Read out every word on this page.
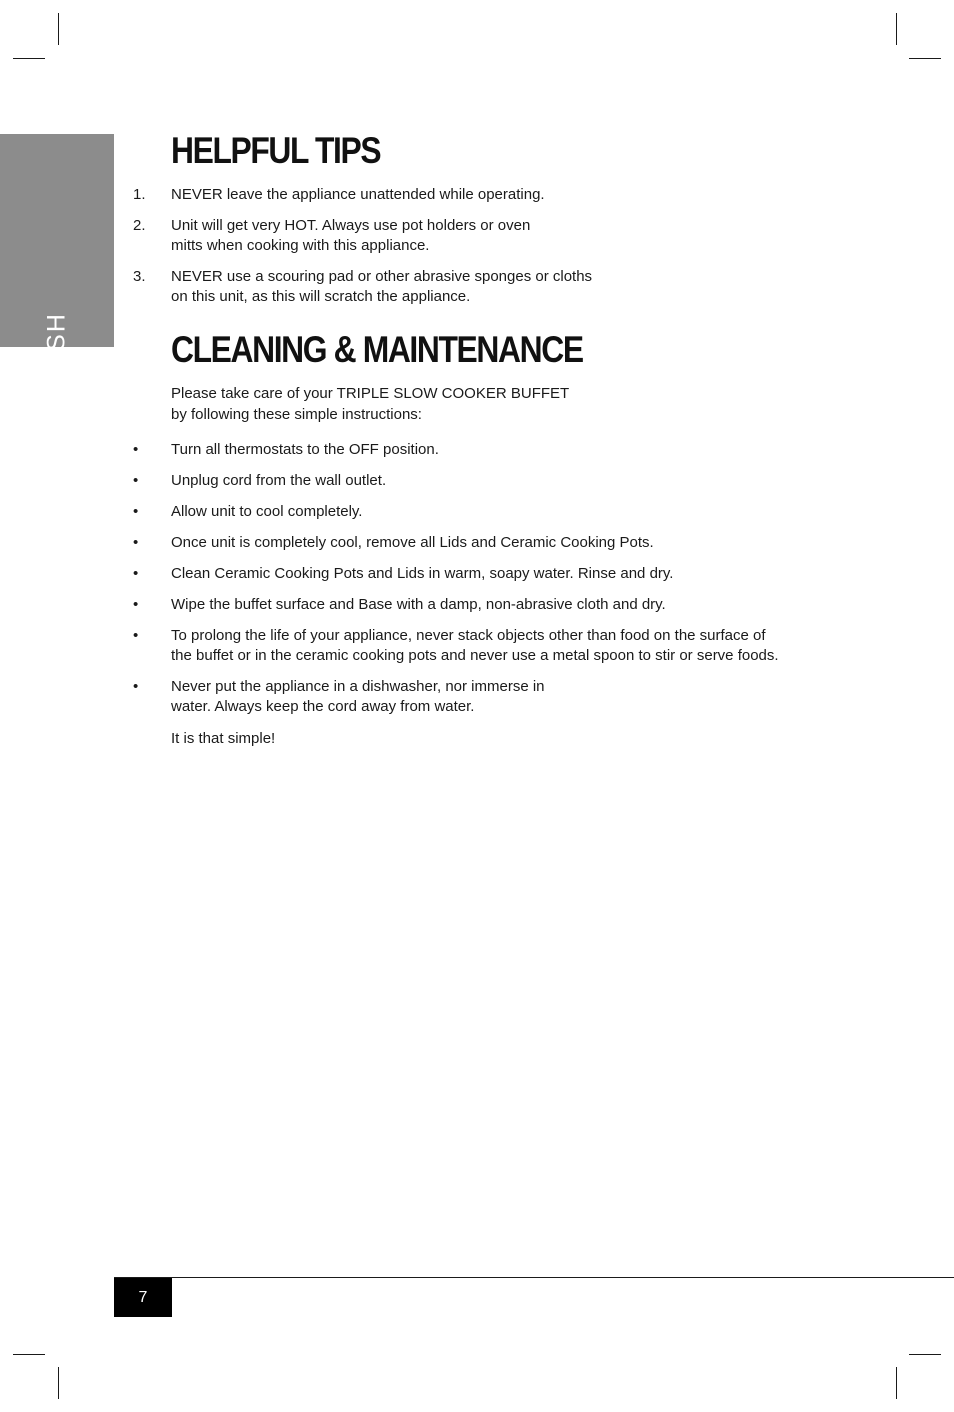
ENGLISH
HELPFUL TIPS
1. NEVER leave the appliance unattended while operating.
2. Unit will get very HOT. Always use pot holders or oven
mitts when cooking with this appliance.
3. NEVER use a scouring pad or other abrasive sponges or cloths
on this unit, as this will scratch the appliance.
CLEANING & MAINTENANCE
Please take care of your TRIPLE SLOW COOKER BUFFET
by following these simple instructions:
• Turn all thermostats to the OFF position.
• Unplug cord from the wall outlet.
• Allow unit to cool completely.
• Once unit is completely cool, remove all Lids and Ceramic Cooking Pots.
• Clean Ceramic Cooking Pots and Lids in warm, soapy water. Rinse and dry.
• Wipe the buffet surface and Base with a damp, non-abrasive cloth and dry.
• To prolong the life of your appliance, never stack objects other than food on the surface of
the buffet or in the ceramic cooking pots and never use a metal spoon to stir or serve foods.
• Never put the appliance in a dishwasher, nor immerse in
water. Always keep the cord away from water.
It is that simple!
7
